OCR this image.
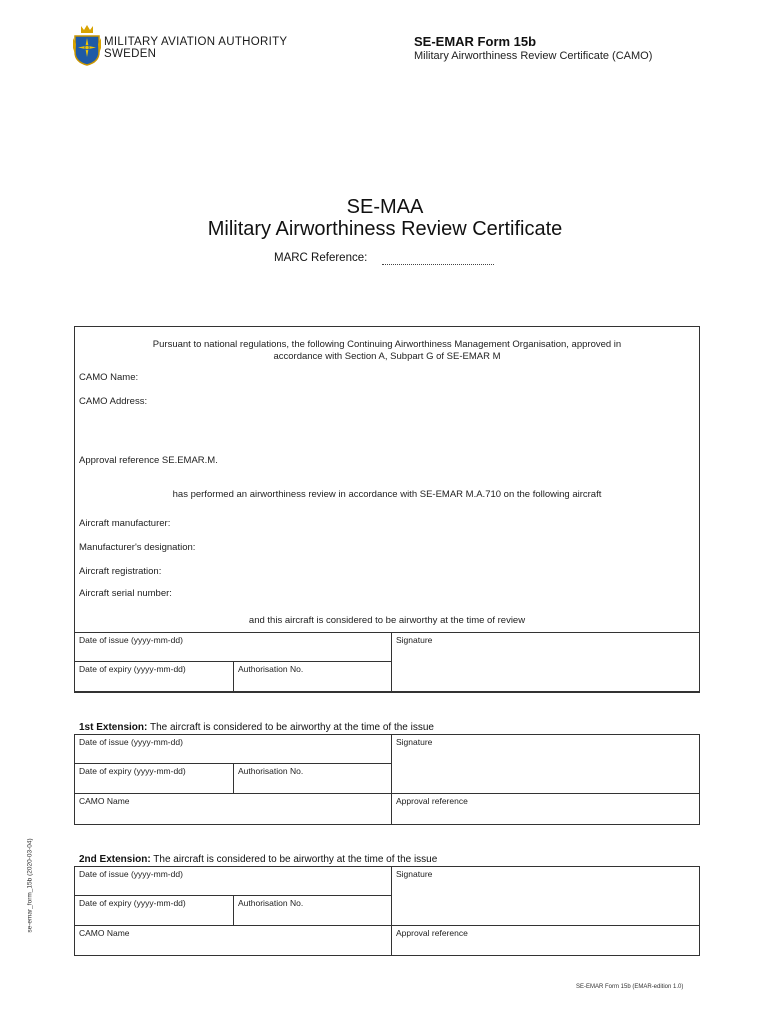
MILITARY AVIATION AUTHORITY
SWEDEN
SE-EMAR Form 15b
Military Airworthiness Review Certificate (CAMO)
SE-MAA
Military Airworthiness Review Certificate
MARC Reference:
Pursuant to national regulations, the following Continuing Airworthiness Management Organisation, approved in
accordance with Section A, Subpart G of SE-EMAR M
CAMO Name:
CAMO Address:
Approval reference SE.EMAR.M.
has performed an airworthiness review in accordance with SE-EMAR M.A.710 on the following aircraft
Aircraft manufacturer:
Manufacturer's designation:
Aircraft registration:
Aircraft serial number:
and this aircraft is considered to be airworthy at the time of review
Date of issue (yyyy-mm-dd)	Signature
Date of expiry (yyyy-mm-dd)	Authorisation No.
1st Extension: The aircraft is considered to be airworthy at the time of the issue
Date of issue (yyyy-mm-dd)	Signature
Date of expiry (yyyy-mm-dd)	Authorisation No.
CAMO Name	Approval reference
2nd Extension: The aircraft is considered to be airworthy at the time of the issue
Date of issue (yyyy-mm-dd)	Signature
Date of expiry (yyyy-mm-dd)	Authorisation No.
CAMO Name	Approval reference
se-emar_form_15b (2020-03-04)
SE-EMAR Form 15b (EMAR-edition 1.0)
